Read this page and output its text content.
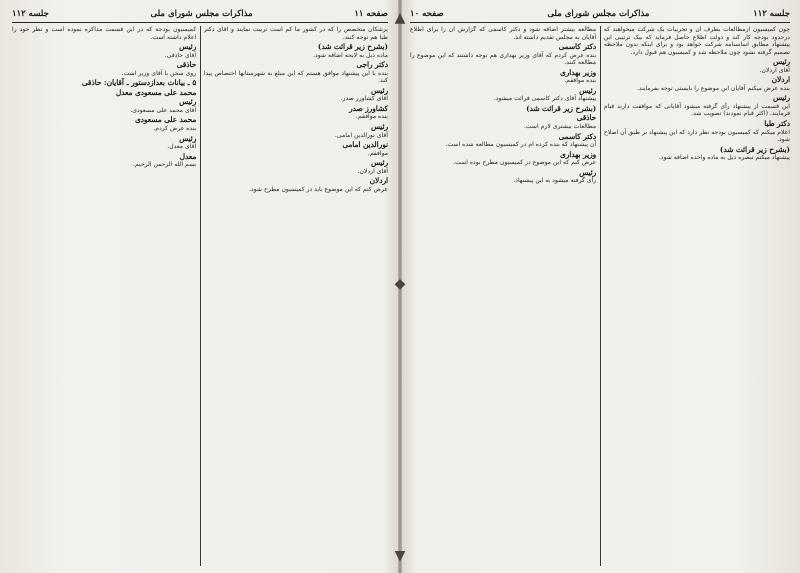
صفحه ۱۱
مذاکرات مجلس شورای ملی
جلسه ۱۱۲

پزشکان متخصص را که در کشور ما کم است تربیت نمایند و آقای دکتر طبا هم توجه کنند.

(بشرح زیر قرائت شد)

ماده ذیل به لایحه اضافه شود.

دکتر راجی

بنده با این پیشنهاد موافق هستم که این مبلغ به شهرستانها اختصاص پیدا کند.

رئیس

آقای کشاورز صدر.

کشاورز صدر

بنده موافقم.

رئیس

آقای نورالدین امامی.

نورالدین امامی

موافقم.

رئیس

آقای اردلان.

اردلان

عرض کنم که این موضوع باید در کمیسیون مطرح شود.

کمیسیون بودجه که در این قسمت مذاکره نموده است و نظر خود را اعلام داشته است.

رئیس

آقای حاذقی.

حاذقی

روی سخن با آقای وزیر است.

۵ ـ بیانات بعدازدستور ـ آقایان: حاذقی
محمد علی مسعودی معدل
رئیس

آقای محمد علی مسعودی.

محمد علی مسعودی

بنده عرض کردم.

رئیس

آقای معدل.

معدل

بسم الله الرحمن الرحیم.

جلسه ۱۱۲
مذاکرات مجلس شورای ملی
صفحه ۱۰

چون کمیسیون ازمطالعات بطرف آن و تجربیات یک شرکت میخواهند که درحدود بودجه کار کند و دولت اطلاع حاصل فرماید که بیک ترتیبی این پیشنهاد مطابق اساسنامه شرکت خواهد بود و برای اینکه بدون ملاحظه تصمیم گرفته نشود چون ملاحظه شد و کمیسیون هم قبول دارد.

رئیس

آقای اردلان.

اردلان

بنده عرض میکنم آقایان این موضوع را بایستی توجه بفرمایند.

رئیس

این قسمت از پیشنهاد رأی گرفته میشود آقایانی که موافقت دارند قیام فرمایند. (اکثر قیام نمودند) تصویب شد.

دکتر طبا

اعلام میکنم که کمیسیون بودجه نظر دارد که این پیشنهاد بر طبق آن اصلاح شود.

(بشرح زیر قرائت شد)

پیشنهاد میکنم تبصره ذیل به ماده واحده اضافه شود.

مطالعه بیشتر اضافه شود و دکتر کاسمی که گزارش آن را برای اطلاع آقایان به مجلس تقدیم داشته اند.

دکتر کاسمی

بنده عرض کردم که آقای وزیر بهداری هم توجه داشتند که این موضوع را مطالعه کنند.

وزیر بهداری

بنده موافقم.

رئیس

پیشنهاد آقای دکتر کاسمی قرائت میشود.

(بشرح زیر قرائت شد)
حاذقی

مطالعات بیشتری لازم است.

دکتر کاسمی

آن پیشنهاد که بنده کرده ام در کمیسیون مطالعه شده است.

وزیر بهداری

عرض کنم که این موضوع در کمیسیون مطرح بوده است.

رئیس

رأی گرفته میشود به این پیشنهاد.

▲
◆
▼
